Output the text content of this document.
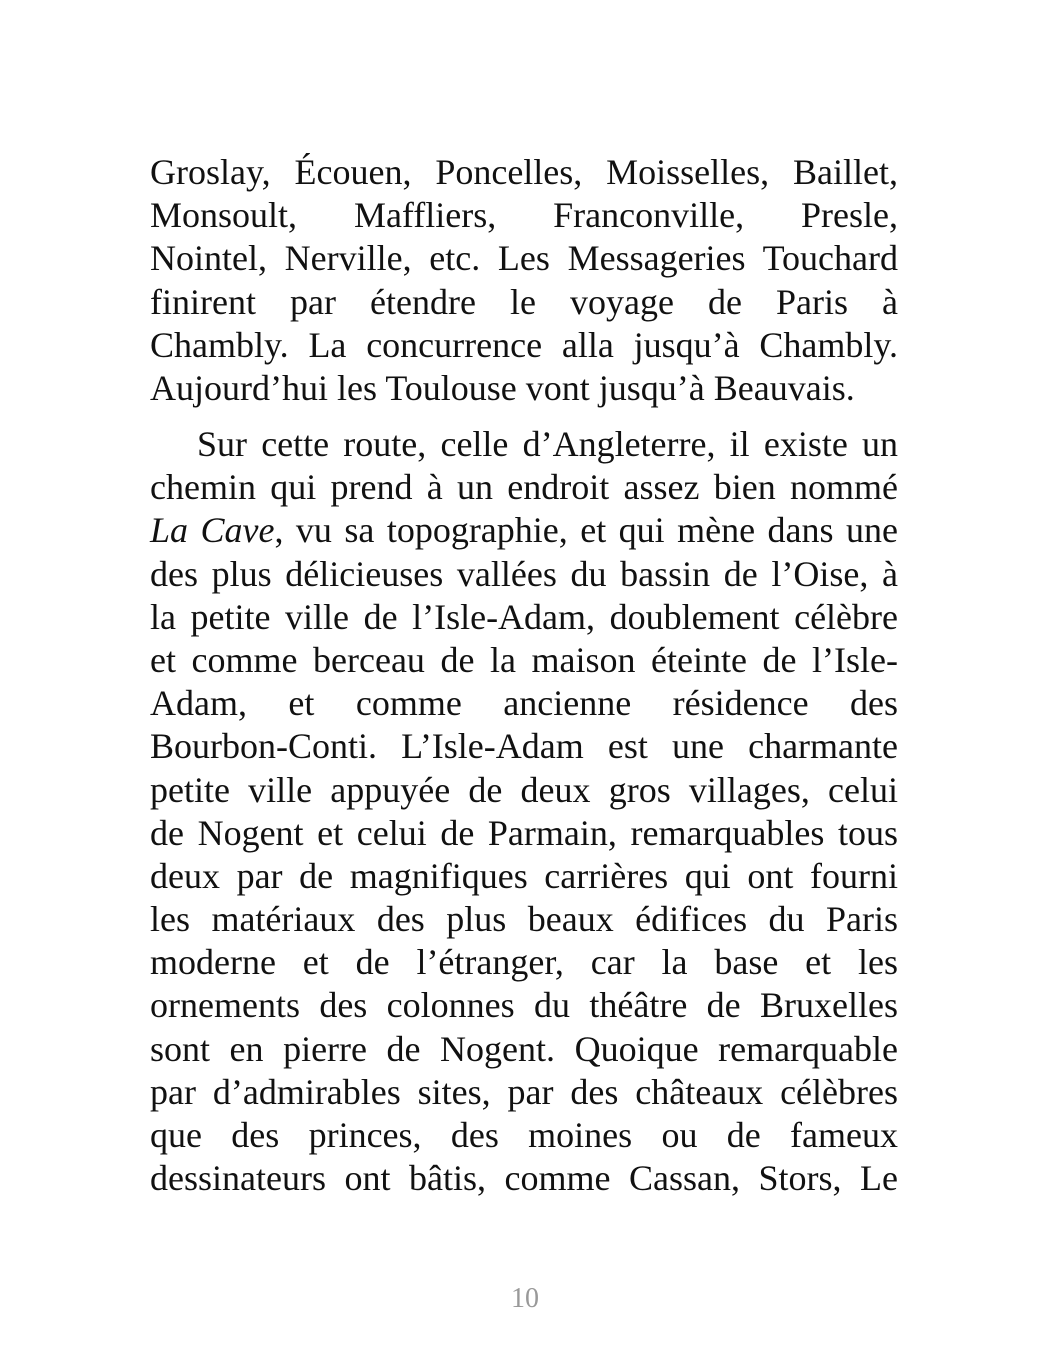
Groslay, Écouen, Poncelles, Moisselles, Baillet,
Monsoult, Maffliers, Franconville, Presle,
Nointel, Nerville, etc. Les Messageries Touchard
finirent par étendre le voyage de Paris à
Chambly. La concurrence alla jusqu’à Chambly.
Aujourd’hui les Toulouse vont jusqu’à Beauvais.
Sur cette route, celle d’Angleterre, il existe un
chemin qui prend à un endroit assez bien nommé
La Cave, vu sa topographie, et qui mène dans une
des plus délicieuses vallées du bassin de l’Oise, à
la petite ville de l’Isle-Adam, doublement célèbre
et comme berceau de la maison éteinte de l’Isle-
Adam, et comme ancienne résidence des
Bourbon-Conti. L’Isle-Adam est une charmante
petite ville appuyée de deux gros villages, celui
de Nogent et celui de Parmain, remarquables tous
deux par de magnifiques carrières qui ont fourni
les matériaux des plus beaux édifices du Paris
moderne et de l’étranger, car la base et les
ornements des colonnes du théâtre de Bruxelles
sont en pierre de Nogent. Quoique remarquable
par d’admirables sites, par des châteaux célèbres
que des princes, des moines ou de fameux
dessinateurs ont bâtis, comme Cassan, Stors, Le
10
